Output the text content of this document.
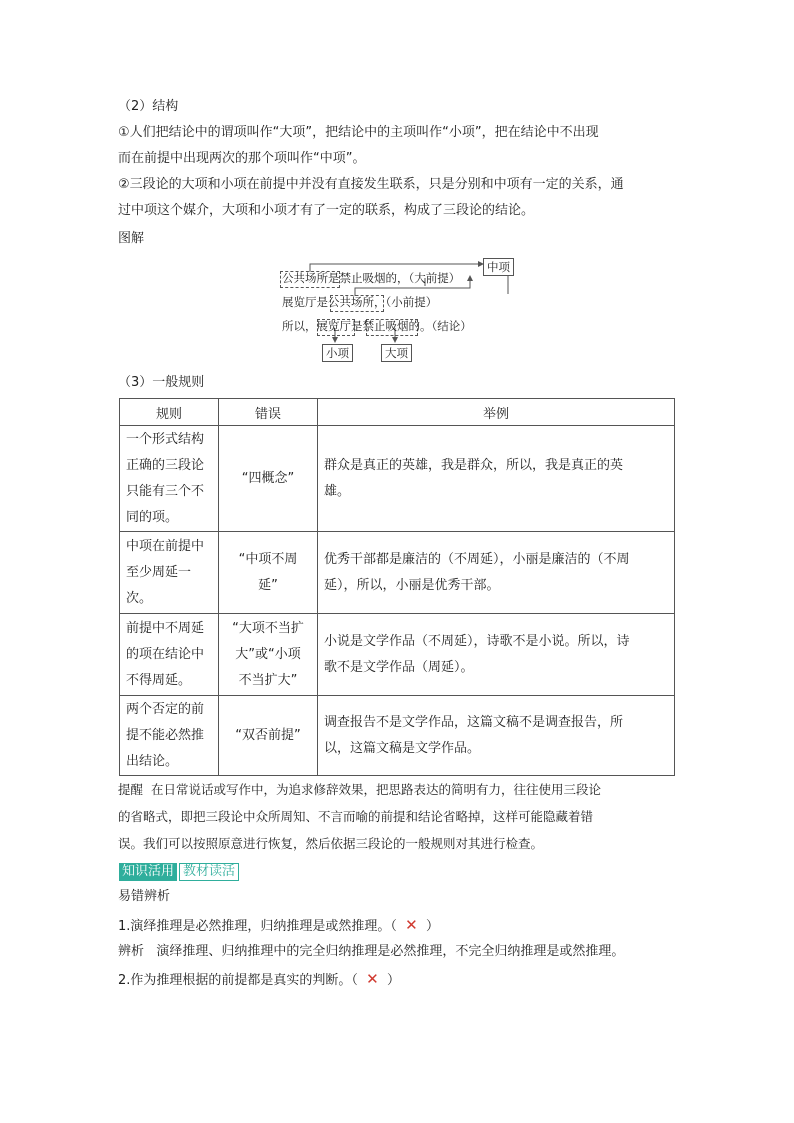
（2）结构
①人们把结论中的谓项叫作“大项”，把结论中的主项叫作“小项”，把在结论中不出现
而在前提中出现两次的那个项叫作“中项”。
②三段论的大项和小项在前提中并没有直接发生联系，只是分别和中项有一定的关系，通
过中项这个媒介，大项和小项才有了一定的联系，构成了三段论的结论。
图解
公共场所是禁止吸烟的，（大前提）
展览厅是公共场所，（小前提）
所以，展览厅是禁止吸烟的。（结论）
中项
小项	大项
（3）一般规则
规则	错误	举例
一个形式结构
正确的三段论
只能有三个不
同的项。	“四概念”	群众是真正的英雄，我是群众，所以，我是真正的英
雄。
中项在前提中
至少周延一
次。	“中项不周
延”	优秀干部都是廉洁的（不周延），小丽是廉洁的（不周
延），所以，小丽是优秀干部。
前提中不周延
的项在结论中
不得周延。	“大项不当扩
大”或“小项
不当扩大”	小说是文学作品（不周延），诗歌不是小说。所以，诗
歌不是文学作品（周延）。
两个否定的前
提不能必然推
出结论。	“双否前提”	调查报告不是文学作品，这篇文稿不是调查报告，所
以，这篇文稿是文学作品。
提醒 在日常说话或写作中，为追求修辞效果，把思路表达的简明有力，往往使用三段论
的省略式，即把三段论中众所周知、不言而喻的前提和结论省略掉，这样可能隐藏着错
误。我们可以按照原意进行恢复，然后依据三段论的一般规则对其进行检查。
知识活用 教材读活
易错辨析
1.演绎推理是必然推理，归纳推理是或然推理。（ ✕ ）
辨析 演绎推理、归纳推理中的完全归纳推理是必然推理，不完全归纳推理是或然推理。
2.作为推理根据的前提都是真实的判断。（ ✕ ）
